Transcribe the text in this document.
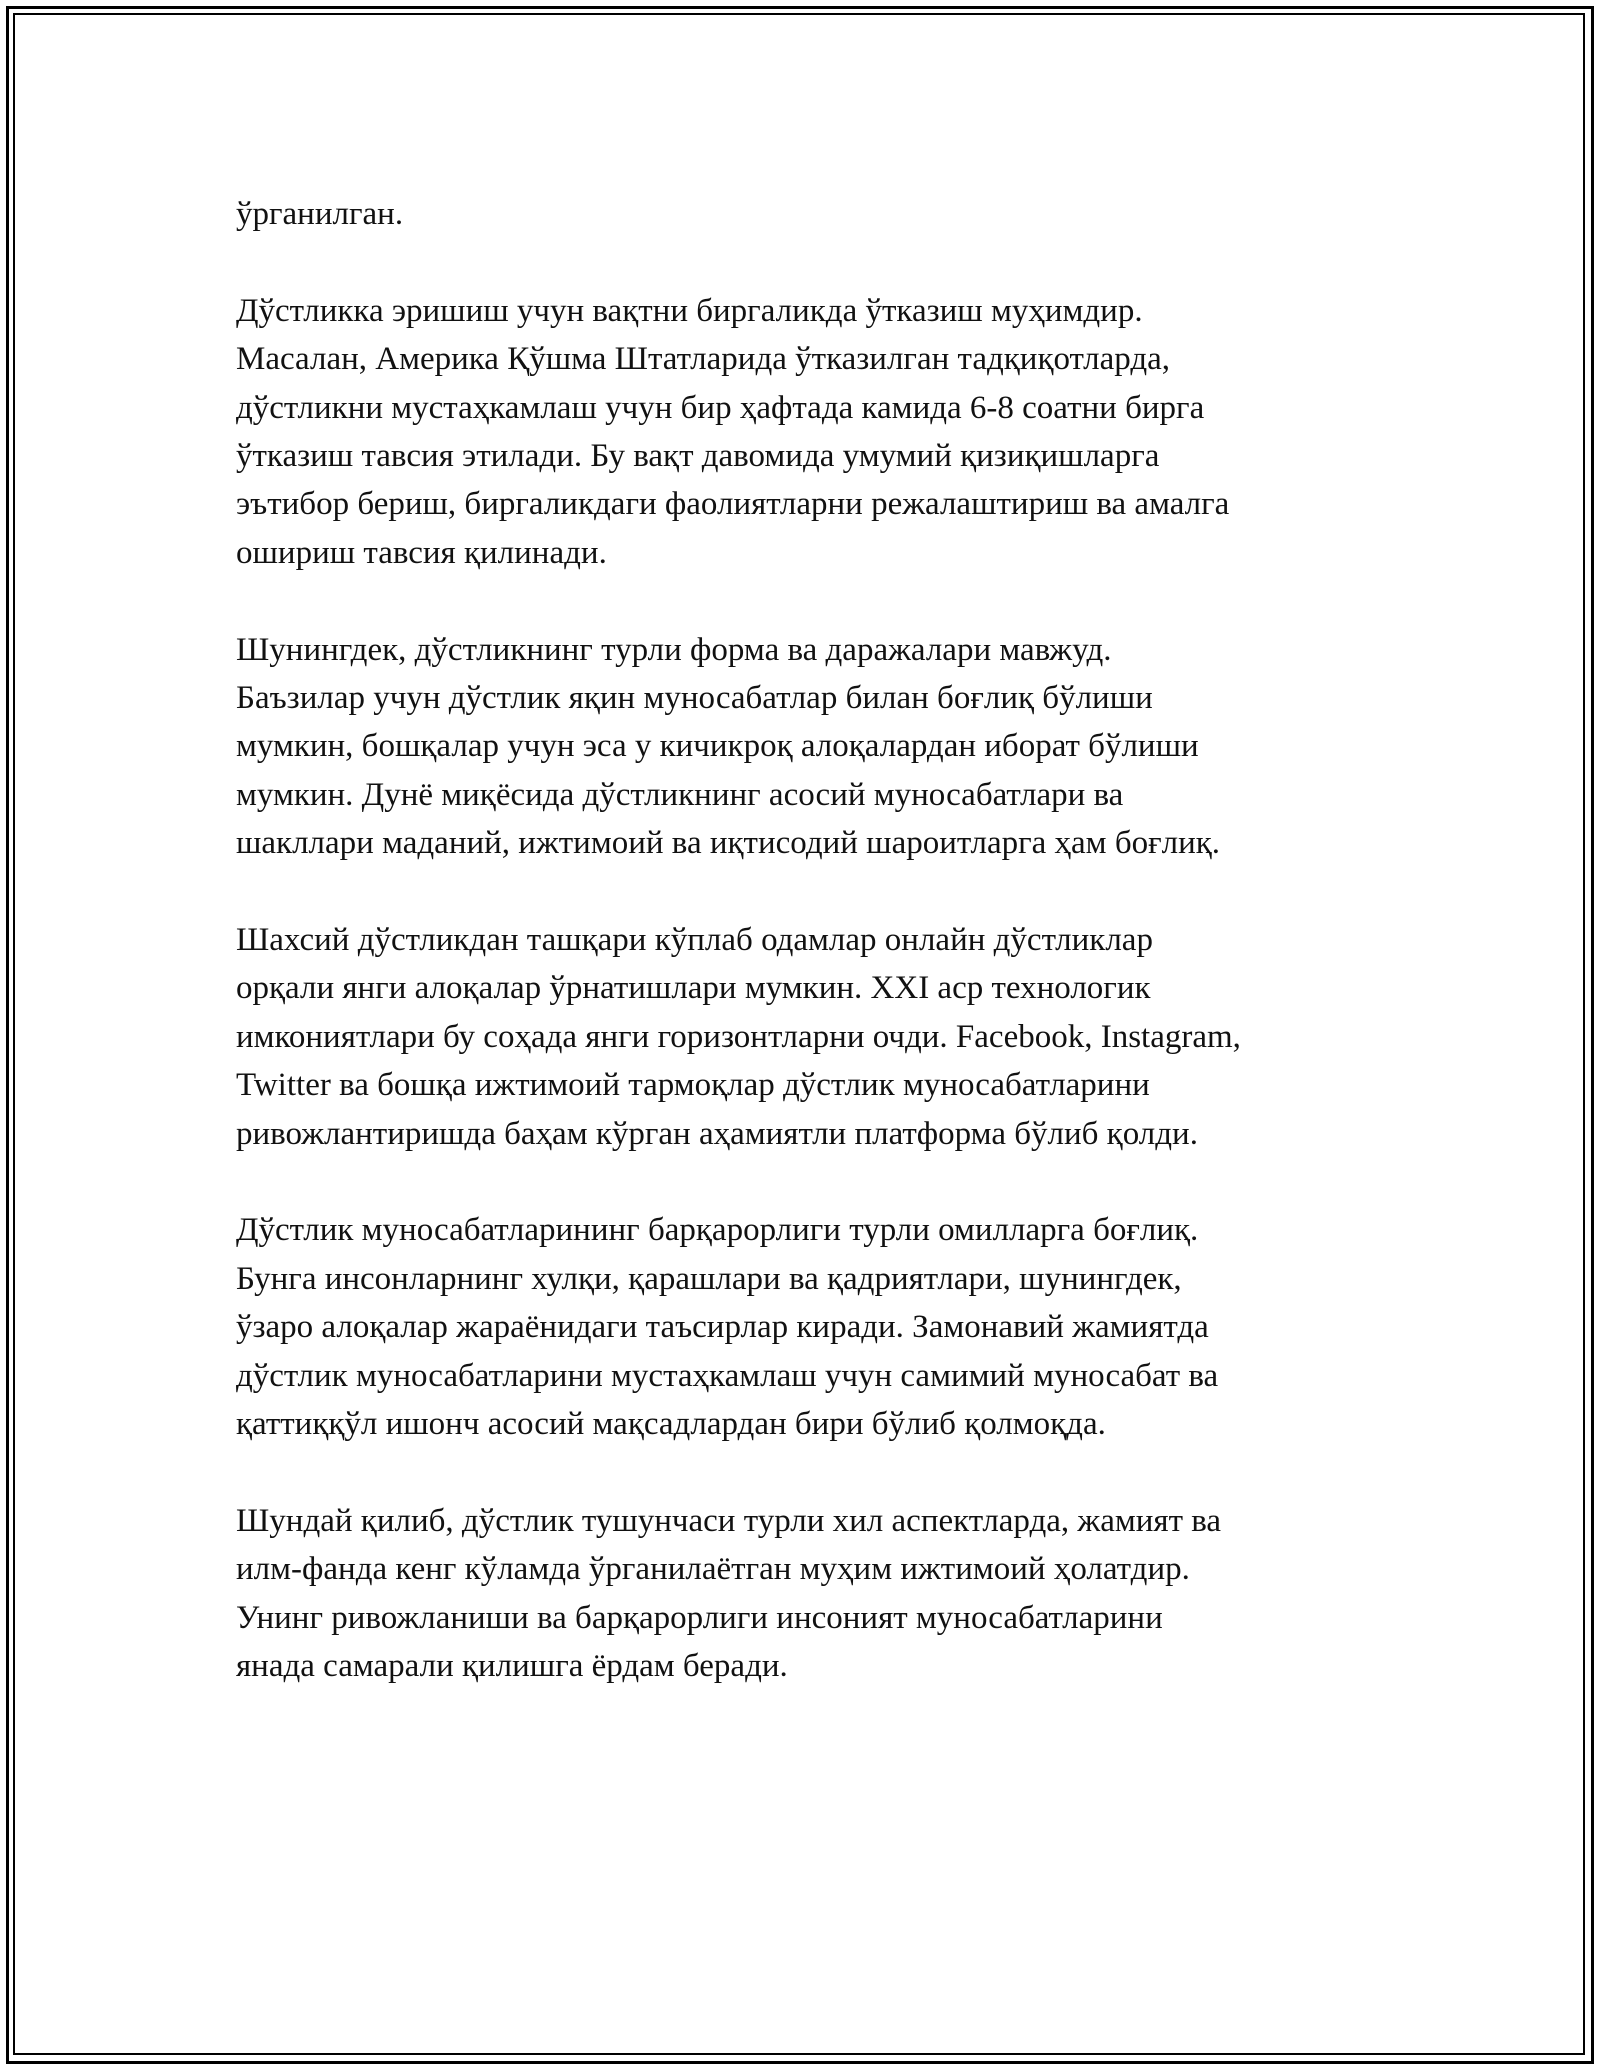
ўрганилган.

Дўстликка эришиш учун вақтни биргаликда ўтказиш муҳимдир.
Масалан, Америка Қўшма Штатларида ўтказилган тадқиқотларда,
дўстликни мустаҳкамлаш учун бир ҳафтада камида 6-8 соатни бирга
ўтказиш тавсия этилади. Бу вақт давомида умумий қизиқишларга
эътибор бериш, биргаликдаги фаолиятларни режалаштириш ва амалга
ошириш тавсия қилинади.

Шунингдек, дўстликнинг турли форма ва даражалари мавжуд.
Баъзилар учун дўстлик яқин муносабатлар билан боғлиқ бўлиши
мумкин, бошқалар учун эса у кичикроқ алоқалардан иборат бўлиши
мумкин. Дунё миқёсида дўстликнинг асосий муносабатлари ва
шакллари маданий, ижтимоий ва иқтисодий шароитларга ҳам боғлиқ.

Шахсий дўстликдан ташқари кўплаб одамлар онлайн дўстликлар
орқали янги алоқалар ўрнатишлари мумкин. XXI аср технологик
имкониятлари бу соҳада янги горизонтларни очди. Facebook, Instagram,
Twitter ва бошқа ижтимоий тармоқлар дўстлик муносабатларини
ривожлантиришда баҳам кўрган аҳамиятли платформа бўлиб қолди.

Дўстлик муносабатларининг барқарорлиги турли омилларга боғлиқ.
Бунга инсонларнинг хулқи, қарашлари ва қадриятлари, шунингдек,
ўзаро алоқалар жараёнидаги таъсирлар киради. Замонавий жамиятда
дўстлик муносабатларини мустаҳкамлаш учун самимий муносабат ва
қаттиққўл ишонч асосий мақсадлардан бири бўлиб қолмоқда.

Шундай қилиб, дўстлик тушунчаси турли хил аспектларда, жамият ва
илм-фанда кенг кўламда ўрганилаётган муҳим ижтимоий ҳолатдир.
Унинг ривожланиши ва барқарорлиги инсоният муносабатларини
янада самарали қилишга ёрдам беради.
